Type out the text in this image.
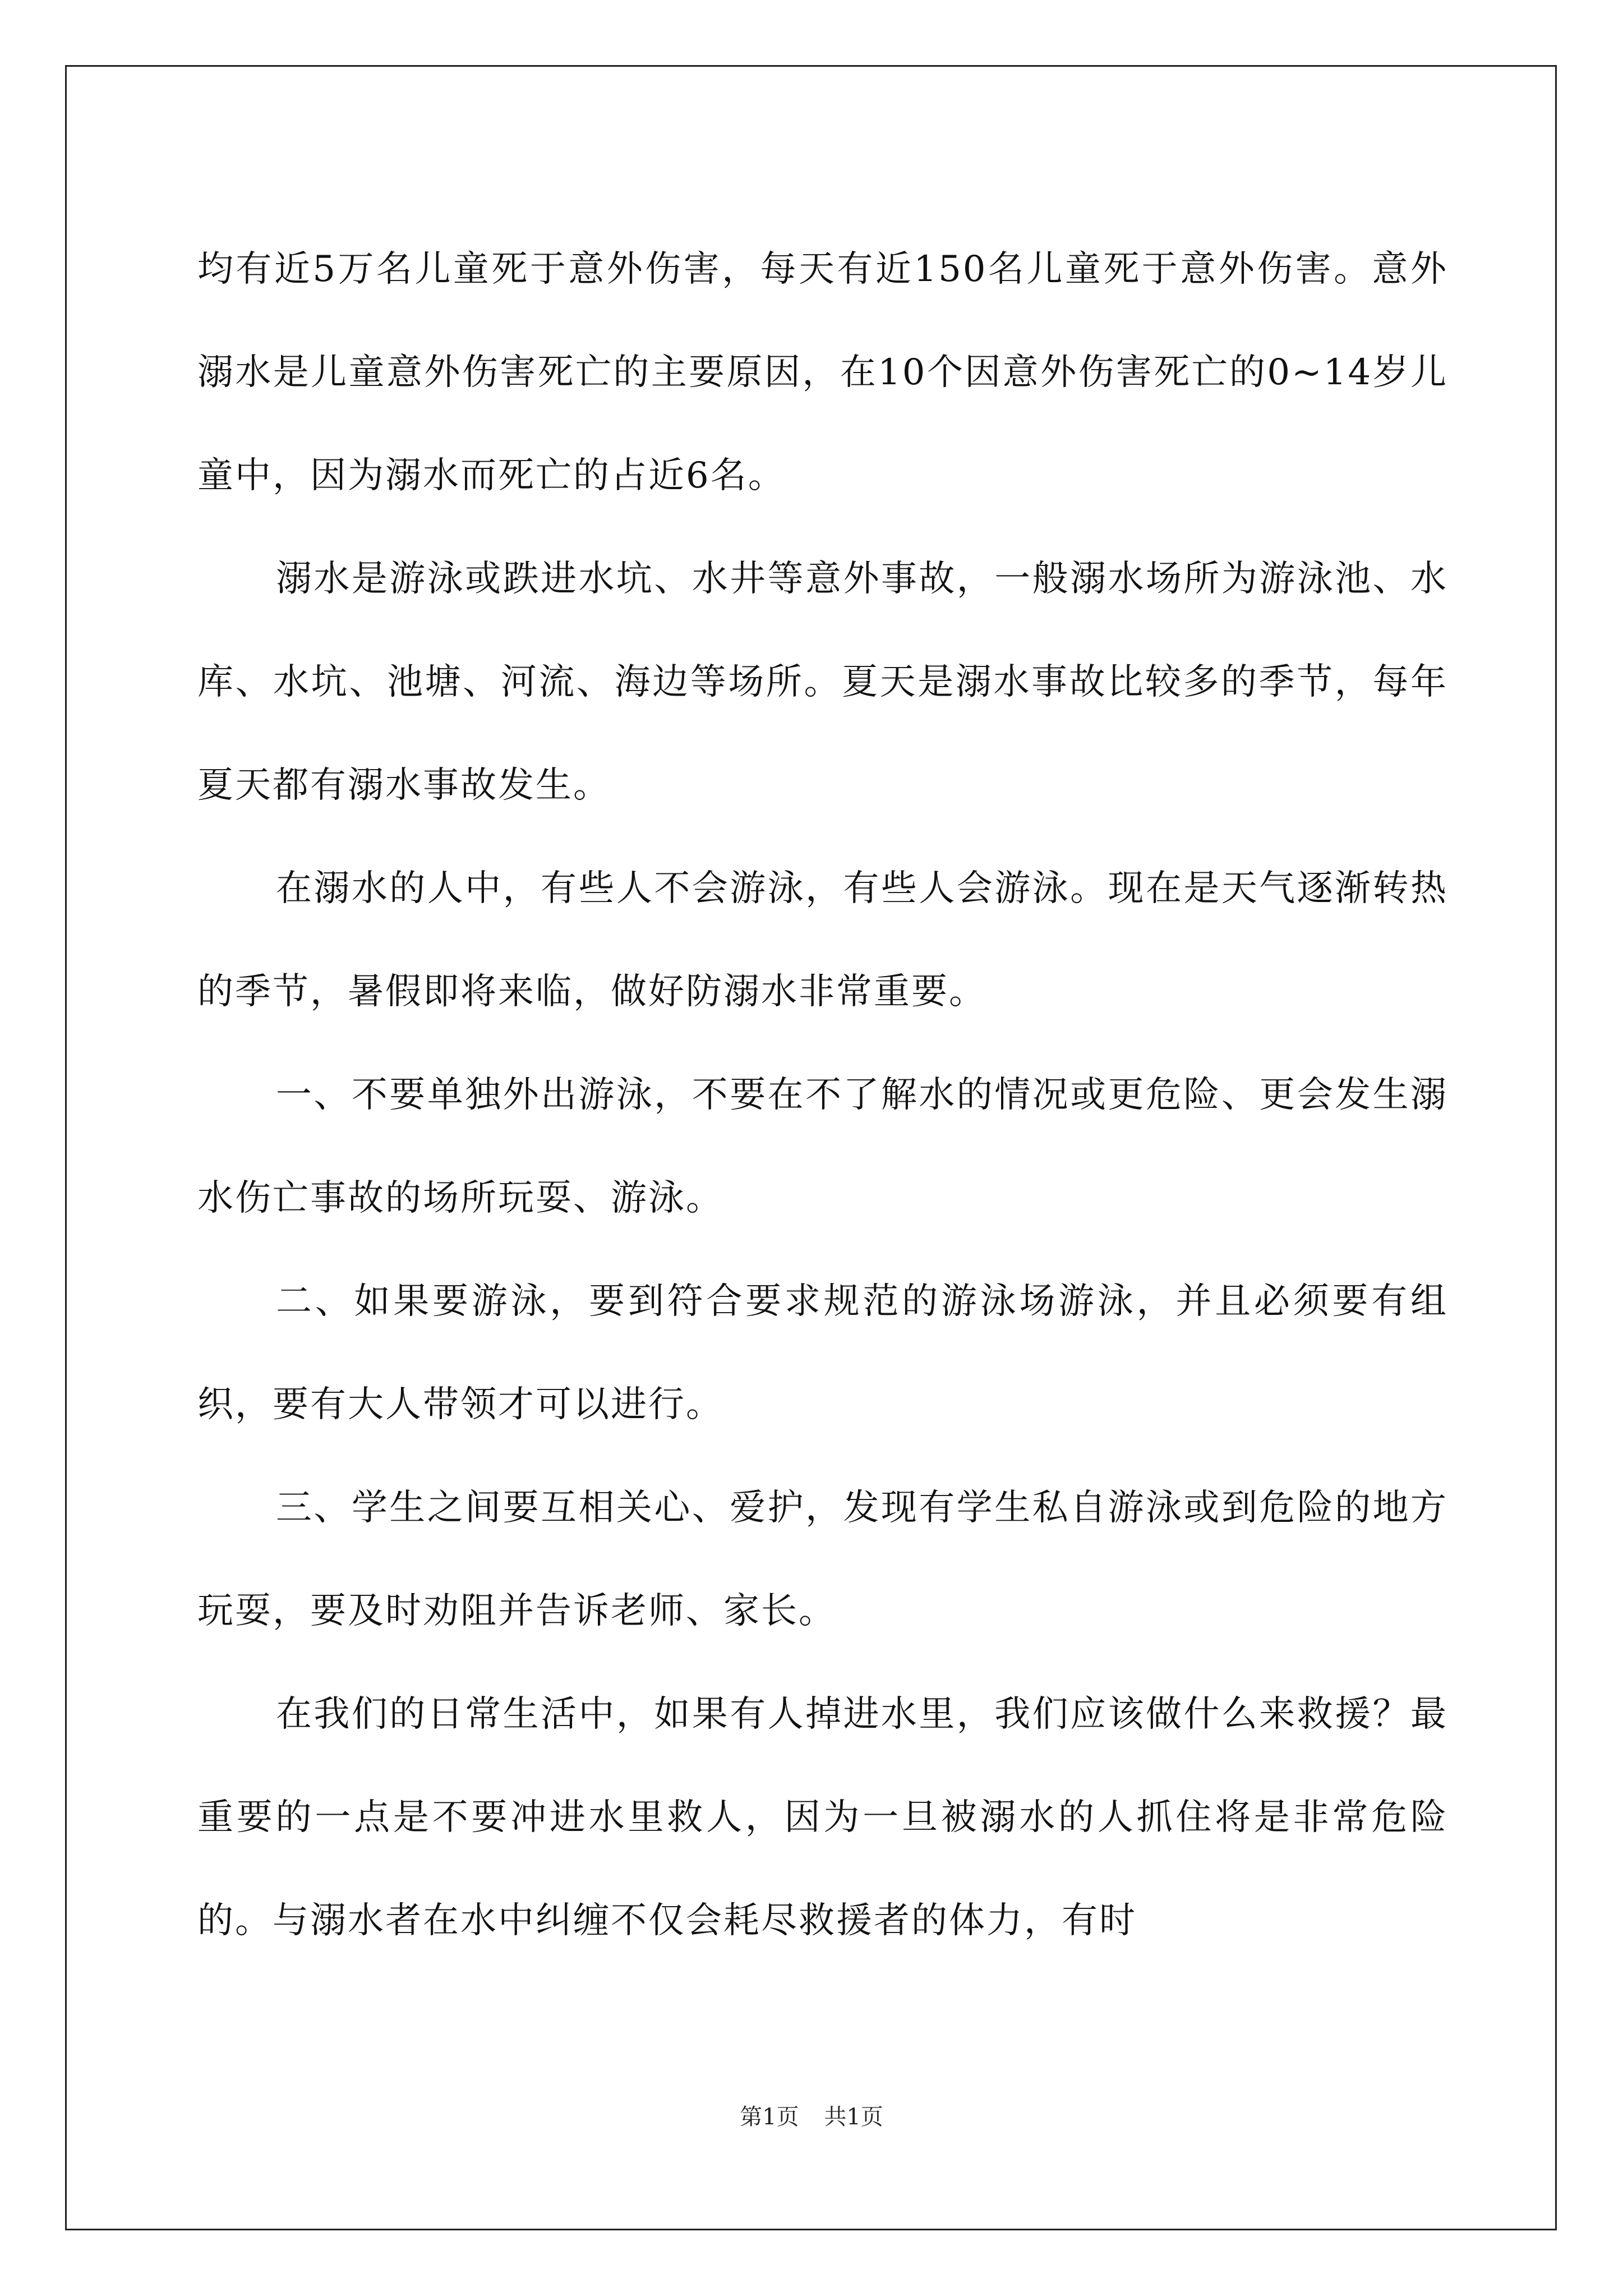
均有近5万名儿童死于意外伤害，每天有近150名儿童死于意外伤害。意外溺水是儿童意外伤害死亡的主要原因，在10个因意外伤害死亡的0~14岁儿童中，因为溺水而死亡的占近6名。

溺水是游泳或跌进水坑、水井等意外事故，一般溺水场所为游泳池、水库、水坑、池塘、河流、海边等场所。夏天是溺水事故比较多的季节，每年夏天都有溺水事故发生。

在溺水的人中，有些人不会游泳，有些人会游泳。现在是天气逐渐转热的季节，暑假即将来临，做好防溺水非常重要。

一、不要单独外出游泳，不要在不了解水的情况或更危险、更会发生溺水伤亡事故的场所玩耍、游泳。

二、如果要游泳，要到符合要求规范的游泳场游泳，并且必须要有组织，要有大人带领才可以进行。

三、学生之间要互相关心、爱护，发现有学生私自游泳或到危险的地方玩耍，要及时劝阻并告诉老师、家长。

在我们的日常生活中，如果有人掉进水里，我们应该做什么来救援？最重要的一点是不要冲进水里救人，因为一旦被溺水的人抓住将是非常危险的。与溺水者在水中纠缠不仅会耗尽救援者的体力，有时

第1页 共1页
